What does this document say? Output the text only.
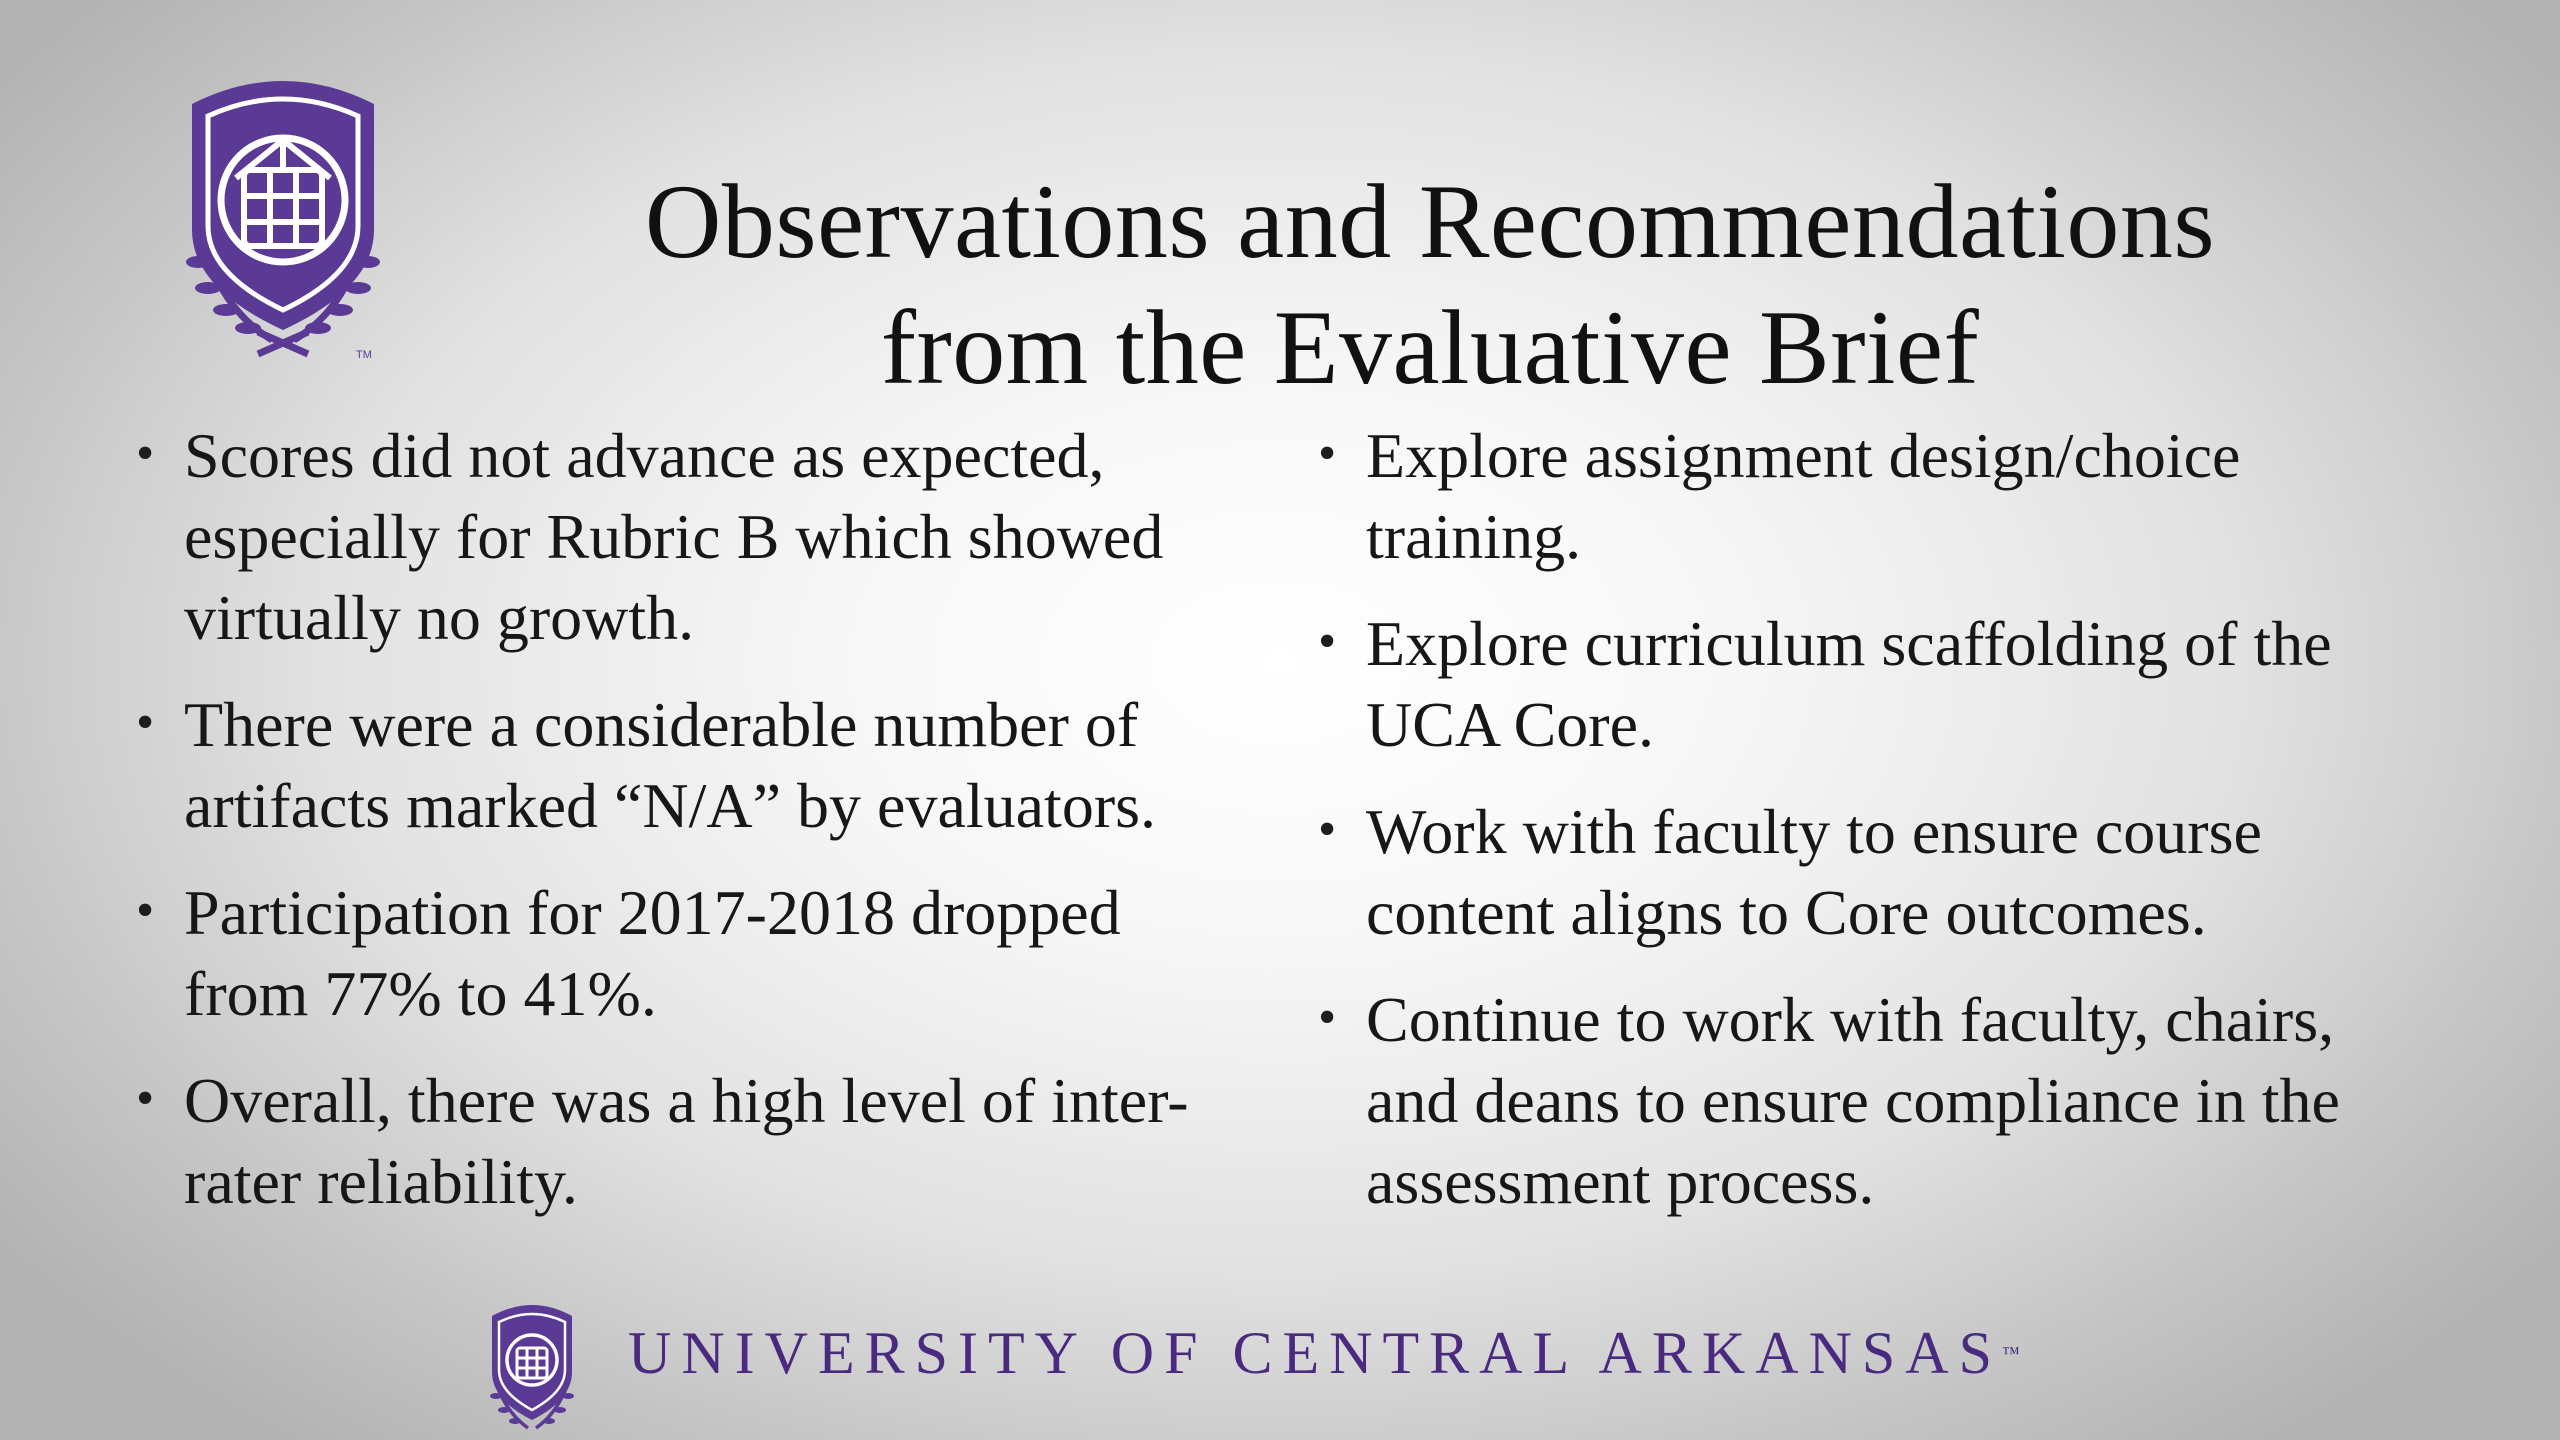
TM
Observations and Recommendations
from the Evaluative Brief

• Scores did not advance as expected, especially for Rubric B which showed virtually no growth.

• There were a considerable number of artifacts marked “N/A” by evaluators.

• Participation for 2017-2018 dropped from 77% to 41%.

• Overall, there was a high level of inter-rater reliability.

• Explore assignment design/choice training.

• Explore curriculum scaffolding of the UCA Core.

• Work with faculty to ensure course content aligns to Core outcomes.

• Continue to work with faculty, chairs, and deans to ensure compliance in the assessment process.

UNIVERSITY OF CENTRAL ARKANSAS™
